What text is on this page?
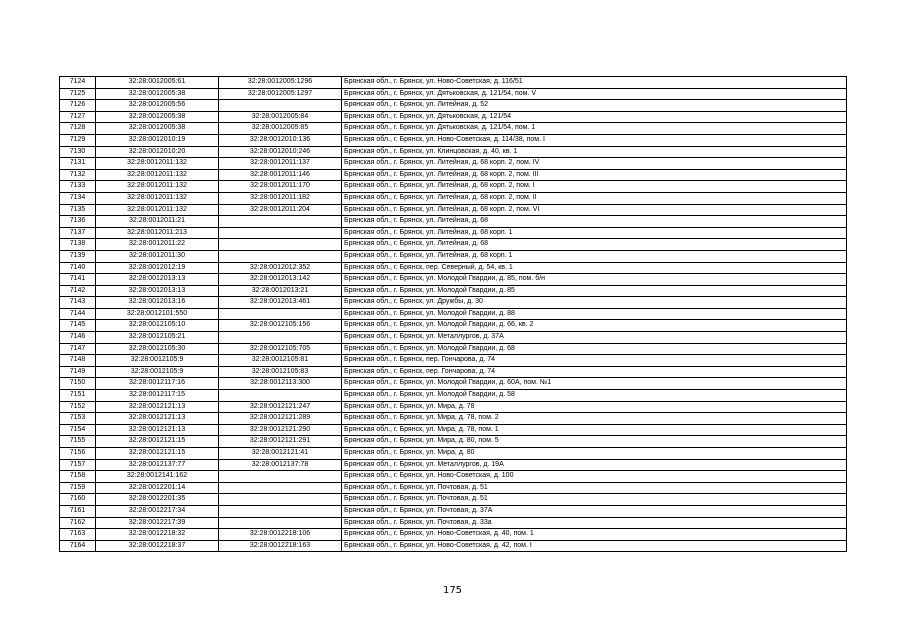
7124	32:28:0012005:61	32:28:0012005:1296	Брянская обл., г. Брянск, ул. Ново-Советская, д. 116/51
7125	32:28:0012005:38	32:28:0012005:1297	Брянская обл., г. Брянск, ул. Дятьковская, д. 121/54, пом. V
7126	32:28:0012005:56		Брянская обл., г. Брянск, ул. Литейная, д. 52
7127	32:28:0012005:38	32:28:0012005:84	Брянская обл., г. Брянск, ул. Дятьковская, д. 121/54
7128	32:28:0012005:38	32:28:0012005:85	Брянская обл., г. Брянск, ул. Дятьковская, д. 121/54, пом. 1
7129	32:28:0012010:19	32:28:0012010:136	Брянская обл., г. Брянск, ул. Ново-Советская, д. 114/38, пом. I
7130	32:28:0012010:20	32:28:0012010:246	Брянская обл., г. Брянск, ул. Клинцовская, д. 40, кв. 1
7131	32:28:0012011:132	32:28:0012011:137	Брянская обл., г. Брянск, ул. Литейная, д. 68 корп. 2, пом. IV
7132	32:28:0012011:132	32:28:0012011:146	Брянская обл., г. Брянск, ул. Литейная, д. 68 корп. 2, пом. III
7133	32:28:0012011:132	32:28:0012011:170	Брянская обл., г. Брянск, ул. Литейная, д. 68 корп. 2, пом. I
7134	32:28:0012011:132	32:28:0012011:182	Брянская обл., г. Брянск, ул. Литейная, д. 68 корп. 2, пом. II
7135	32:28:0012011:132	32:28:0012011:204	Брянская обл., г. Брянск, ул. Литейная, д. 68 корп. 2, пом. VI
7136	32:28:0012011:21		Брянская обл., г. Брянск, ул. Литейная, д. 68
7137	32:28:0012011:213		Брянская обл., г. Брянск, ул. Литейная, д. 68 корп. 1
7138	32:28:0012011:22		Брянская обл., г. Брянск, ул. Литейная, д. 68
7139	32:28:0012011:30		Брянская обл., г. Брянск, ул. Литейная, д. 68 корп. 1
7140	32:28:0012012:19	32:28:0012012:352	Брянская обл., г. Брянск, пер. Северный, д. 54, кв. 1
7141	32:28:0012013:13	32:28:0012013:142	Брянская обл., г. Брянск, ул. Молодой Гвардии, д. 85, пом. б/н
7142	32:28:0012013:13	32:28:0012013:21	Брянская обл., г. Брянск, ул. Молодой Гвардии, д. 85
7143	32:28:0012013:16	32:28:0012013:461	Брянская обл., г. Брянск, ул. Дружбы, д. 30
7144	32:28:0012101:550		Брянская обл., г. Брянск, ул. Молодой Гвардии, д. 88
7145	32:28:0012105:10	32:28:0012105:156	Брянская обл., г. Брянск, ул. Молодой Гвардии, д. 66, кв. 2
7146	32:28:0012105:21		Брянская обл., г. Брянск, ул. Металлургов, д. 37А
7147	32:28:0012105:30	32:28:0012105:705	Брянская обл., г. Брянск, ул. Молодой Гвардии, д. 68
7148	32:28:0012105:9	32:28:0012105:81	Брянская обл., г. Брянск, пер. Гончарова, д. 74
7149	32:28:0012105:9	32:28:0012105:83	Брянская обл., г. Брянск, пер. Гончарова, д. 74
7150	32:28:0012117:16	32:28:0012113:300	Брянская обл., г. Брянск, ул. Молодой Гвардии, д. 60А, пом. №1
7151	32:28:0012117:15		Брянская обл., г. Брянск, ул. Молодой Гвардии, д. 58
7152	32:28:0012121:13	32:28:0012121:247	Брянская обл., г. Брянск, ул. Мира, д. 78
7153	32:28:0012121:13	32:28:0012121:289	Брянская обл., г. Брянск, ул. Мира, д. 78, пом. 2
7154	32:28:0012121:13	32:28:0012121:290	Брянская обл., г. Брянск, ул. Мира, д. 78, пом. 1
7155	32:28:0012121:15	32:28:0012121:291	Брянская обл., г. Брянск, ул. Мира, д. 80, пом. 5
7156	32:28:0012121:15	32:28:0012121:41	Брянская обл., г. Брянск, ул. Мира, д. 80
7157	32:28:0012137:77	32:28:0012137:78	Брянская обл., г. Брянск, ул. Металлургов, д. 19А
7158	32:28:0012141:162		Брянская обл., г. Брянск, ул. Ново-Советская, д. 100
7159	32:28:0012201:14		Брянская обл., г. Брянск, ул. Почтовая, д. 51
7160	32:28:0012201:35		Брянская обл., г. Брянск, ул. Почтовая, д. 51
7161	32:28:0012217:34		Брянская обл., г. Брянск, ул. Почтовая, д. 37А
7162	32:28:0012217:39		Брянская обл., г. Брянск, ул. Почтовая, д. 33а
7163	32:28:0012218:32	32:28:0012218:106	Брянская обл., г. Брянск, ул. Ново-Советская, д. 40, пом. 1
7164	32:28:0012218:37	32:28:0012218:163	Брянская обл., г. Брянск, ул. Ново-Советская, д. 42, пом. I
175
